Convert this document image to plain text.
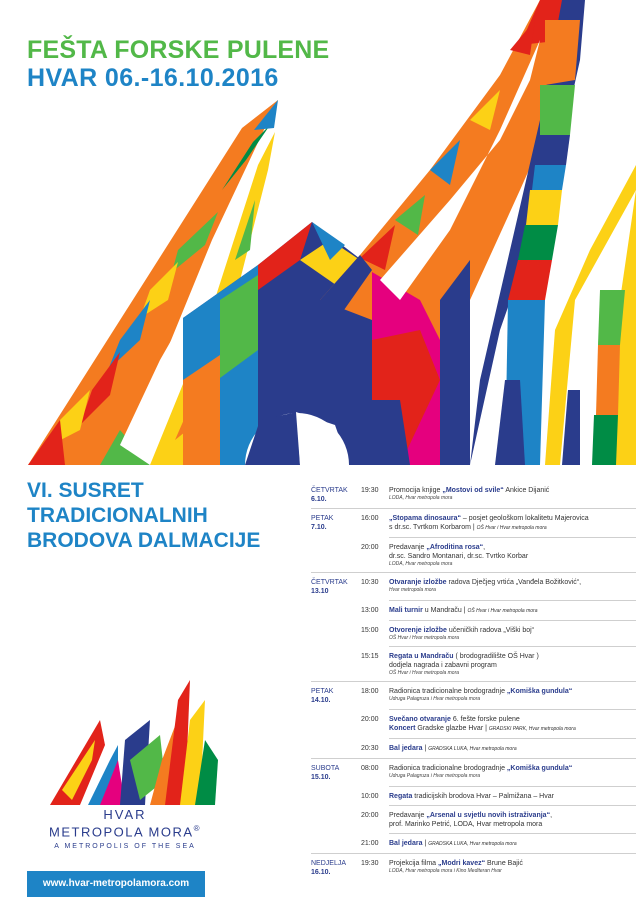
FEŠTA FORSKE PULENE
HVAR 06.-16.10.2016
VI. SUSRET
TRADICIONALNIH
BRODOVA DALMACIJE
ČETVRTAK
6.10.
19:30	Promocija knjige „Mostovi od svile“ Ankice Dijanić
LODA, Hvar metropola mora
PETAK
7.10.
16:00	„Stopama dinosaura“ – posjet geološkom lokalitetu Majerovica
s dr.sc. Tvrtkom Korbarom | OŠ Hvar i Hvar metropola mora
20:00	Predavanje „Afroditina rosa“,
dr.sc. Sandro Montanari, dr.sc. Tvrtko Korbar
LODA, Hvar metropola mora
ČETVRTAK
13.10
10:30	Otvaranje izložbe radova Dječjeg vrtića „Vanđela Božitković“,
Hvar metropola mora
13:00	Mali turnir u Mandraču | OŠ Hvar i Hvar metropola mora
15:00	Otvorenje izložbe učeničkih radova „Viški boj“
OŠ Hvar i Hvar metropola mora
15:15	Regata u Mandraču ( brodogradilište OŠ Hvar )
dodjela nagrada i zabavni program
OŠ Hvar i Hvar metropola mora
PETAK
14.10.
18:00	Radionica tradicionalne brodogradnje „Komiška gundula“
Udruga Palagruza i Hvar metropola mora
20:00	Svečano otvaranje 6. fešte forske pulene
Koncert Gradske glazbe Hvar | GRADSKI PARK, Hvar metropola mora
20:30	Bal jedara | GRADSKA LUKA, Hvar metropola mora
SUBOTA
15.10.
08:00	Radionica tradicionalne brodogradnje „Komiška gundula“
Udruga Palagruza i Hvar metropola mora
10:00	Regata tradicijskih brodova Hvar – Palmižana – Hvar
20:00	Predavanje „Arsenal u svjetlu novih istraživanja“,
prof. Marinko Petrić, LODA, Hvar metropola mora
21:00	Bal jedara | GRADSKA LUKA, Hvar metropola mora
NEDJELJA
16.10.
19:30	Projekcija filma „Modri kavez“ Brune Bajić
LODA, Hvar metropola mora i Kino Mediteran Hvar

HVAR

METROPOLA MORA®

A METROPOLIS OF THE SEA

www.hvar-metropolamora.com
